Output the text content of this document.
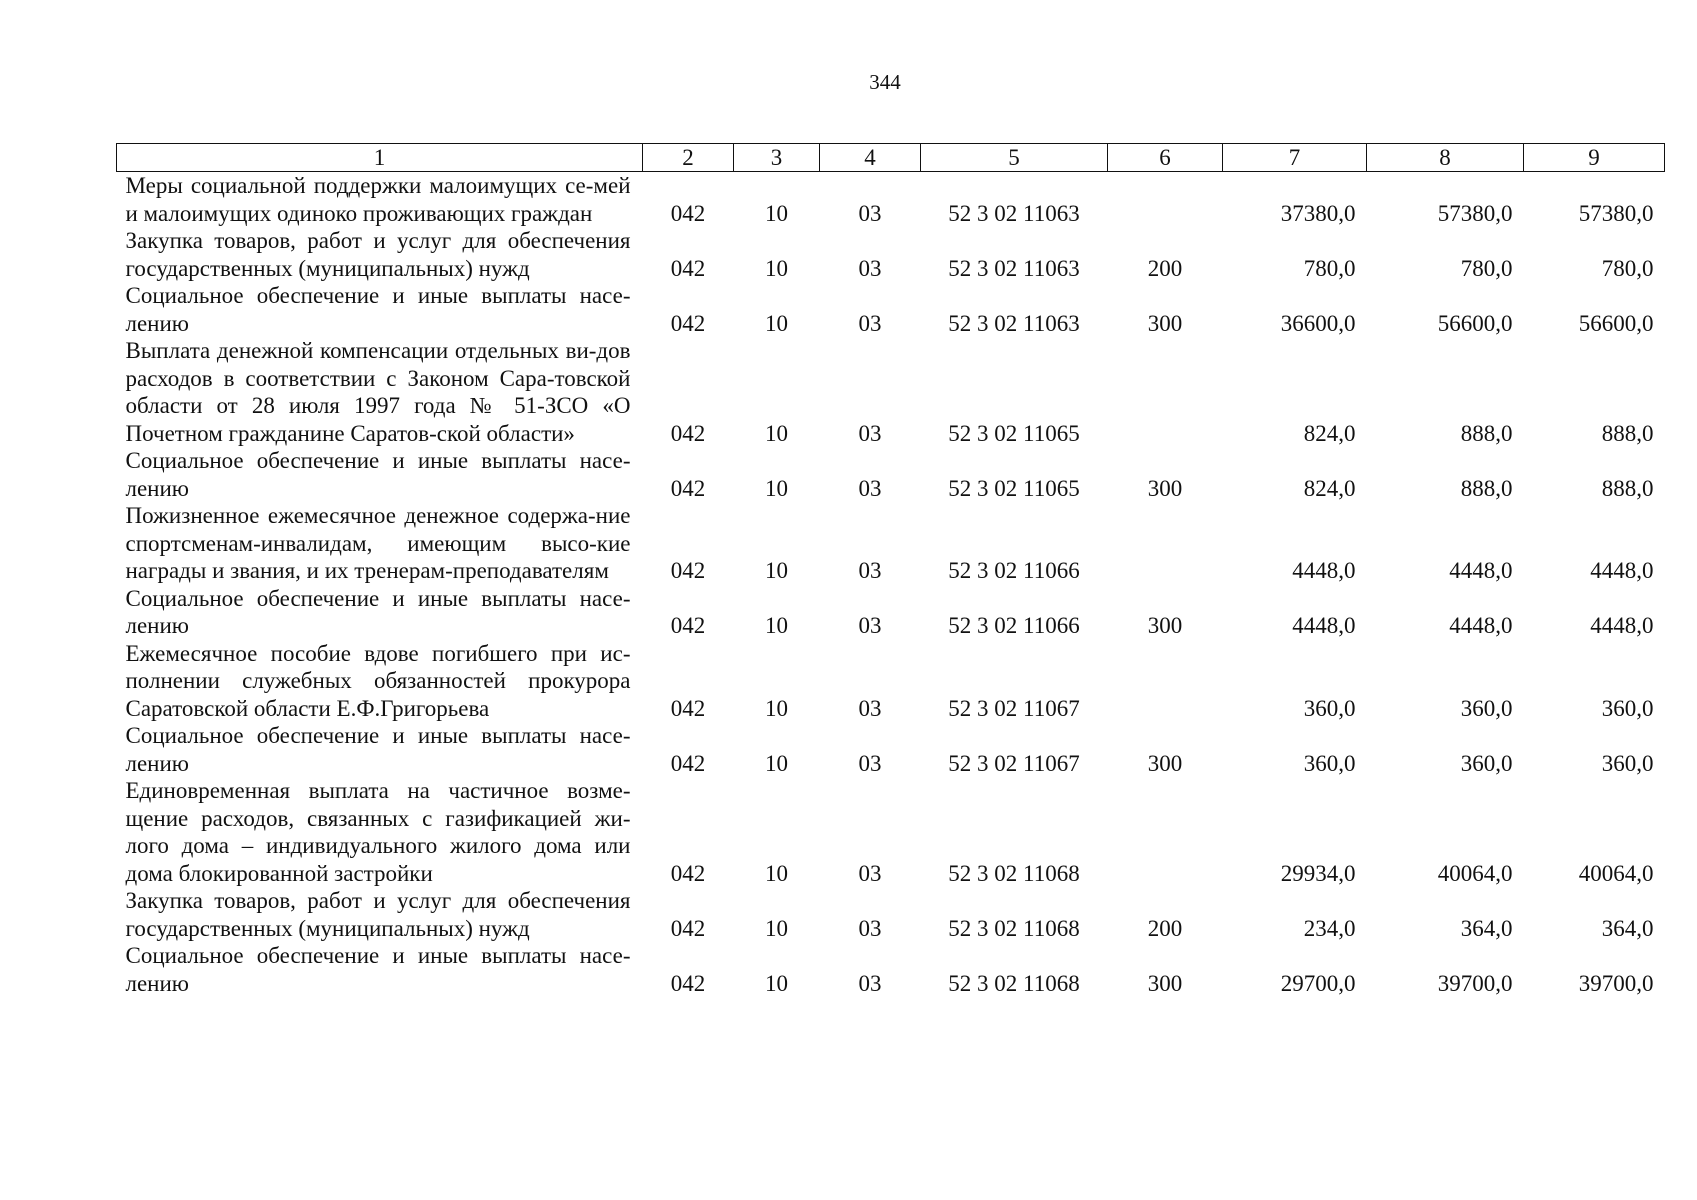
344
1	2	3	4	5	6	7	8	9
Меры социальной поддержки малоимущих се-мей и малоимущих одиноко проживающих граждан	042	10	03	52 3 02 11063		37380,0	57380,0	57380,0
Закупка товаров, работ и услуг для обеспечения государственных (муниципальных) нужд	042	10	03	52 3 02 11063	200	780,0	780,0	780,0
Социальное обеспечение и иные выплаты насе-лению	042	10	03	52 3 02 11063	300	36600,0	56600,0	56600,0
Выплата денежной компенсации отдельных ви-дов расходов в соответствии с Законом Сара-товской области от 28 июля 1997 года № 51-ЗСО «О Почетном гражданине Саратов-ской области»	042	10	03	52 3 02 11065		824,0	888,0	888,0
Социальное обеспечение и иные выплаты насе-лению	042	10	03	52 3 02 11065	300	824,0	888,0	888,0
Пожизненное ежемесячное денежное содержа-ние спортсменам-инвалидам, имеющим высо-кие награды и звания, и их тренерам-преподавателям	042	10	03	52 3 02 11066		4448,0	4448,0	4448,0
Социальное обеспечение и иные выплаты насе-лению	042	10	03	52 3 02 11066	300	4448,0	4448,0	4448,0
Ежемесячное пособие вдове погибшего при ис-полнении служебных обязанностей прокурора Саратовской области Е.Ф.Григорьева	042	10	03	52 3 02 11067		360,0	360,0	360,0
Социальное обеспечение и иные выплаты насе-лению	042	10	03	52 3 02 11067	300	360,0	360,0	360,0
Единовременная выплата на частичное возме-щение расходов, связанных с газификацией жи-лого дома – индивидуального жилого дома или дома блокированной застройки	042	10	03	52 3 02 11068		29934,0	40064,0	40064,0
Закупка товаров, работ и услуг для обеспечения государственных (муниципальных) нужд	042	10	03	52 3 02 11068	200	234,0	364,0	364,0
Социальное обеспечение и иные выплаты насе-лению	042	10	03	52 3 02 11068	300	29700,0	39700,0	39700,0
